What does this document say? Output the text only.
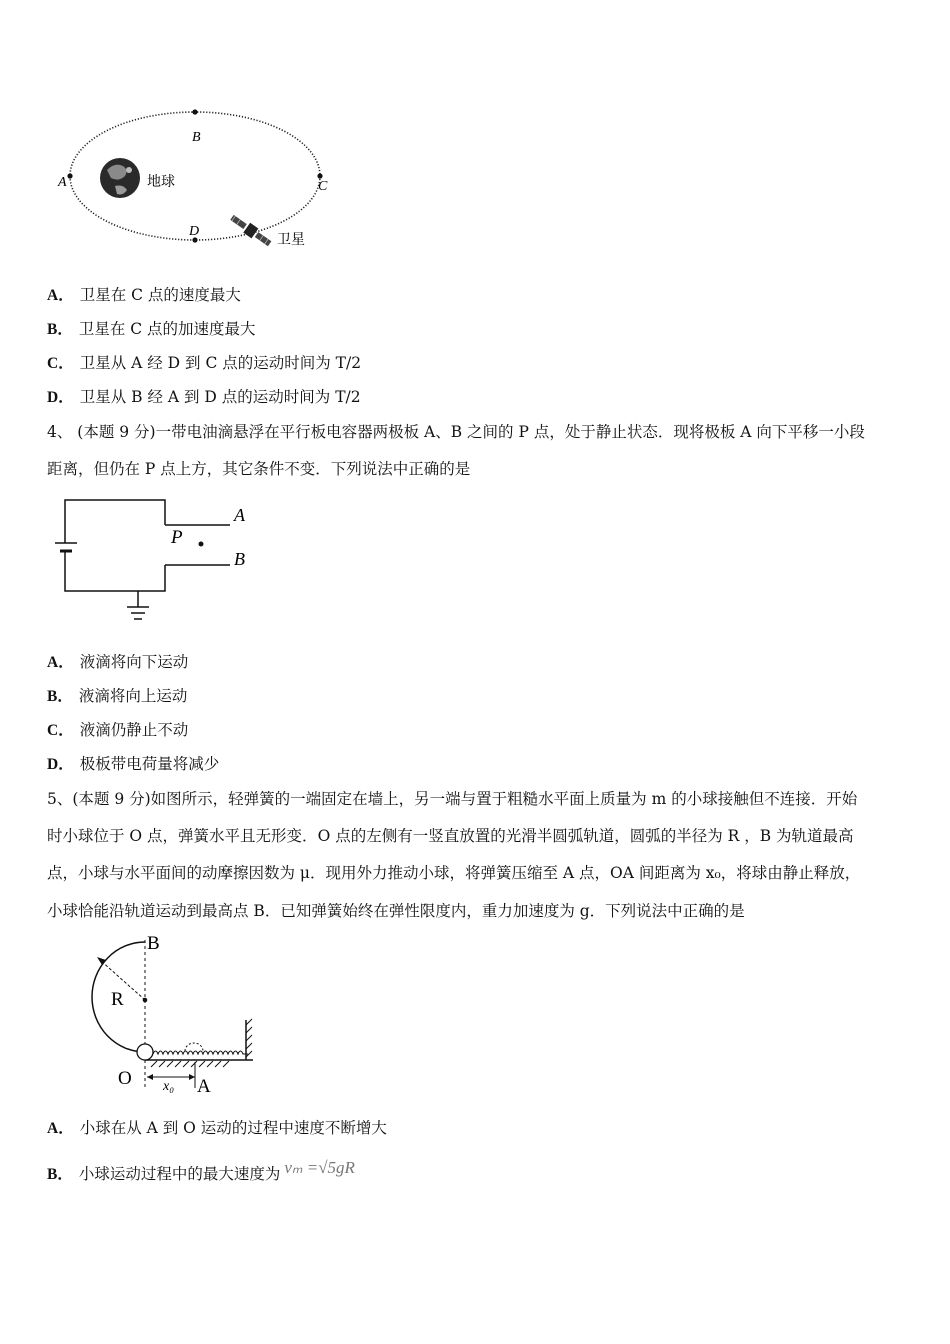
B
C
D
A	地球
卫星
A． 卫星在 C 点的速度最大
B． 卫星在 C 点的加速度最大
C． 卫星从 A 经 D 到 C 点的运动时间为 T/2
D． 卫星从 B 经 A 到 D 点的运动时间为 T/2
4、 (本题 9 分)一带电油滴悬浮在平行板电容器两极板 A、B 之间的 P 点，处于静止状态．现将极板 A 向下平移一小段
距离，但仍在 P 点上方，其它条件不变．下列说法中正确的是
P
A
B
A． 液滴将向下运动
B． 液滴将向上运动
C． 液滴仍静止不动
D． 极板带电荷量将减少
5、(本题 9 分)如图所示，轻弹簧的一端固定在墙上，另一端与置于粗糙水平面上质量为 m 的小球接触但不连接．开始
时小球位于 O 点，弹簧水平且无形变．O 点的左侧有一竖直放置的光滑半圆弧轨道，圆弧的半径为 R ，B 为轨道最高
点，小球与水平面间的动摩擦因数为 μ．现用外力推动小球，将弹簧压缩至 A 点，OA 间距离为 x₀，将球由静止释放，
小球恰能沿轨道运动到最高点 B．已知弹簧始终在弹性限度内，重力加速度为 g．下列说法中正确的是
B
R
O	A
x₀
A． 小球在从 A 到 O 运动的过程中速度不断增大
B． 小球运动过程中的最大速度为 vₘ =√5gR
